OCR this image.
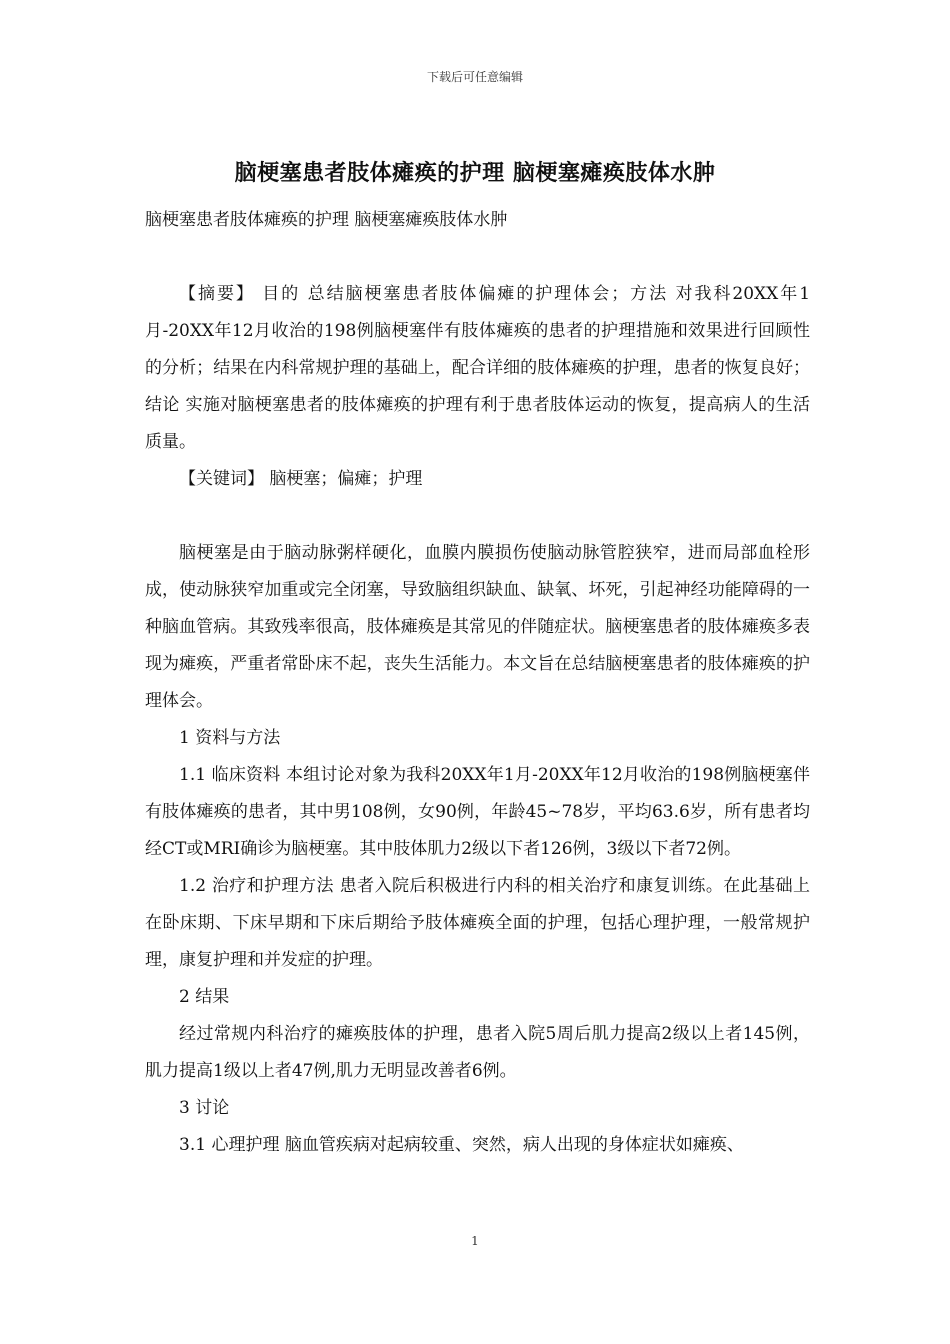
下载后可任意编辑
脑梗塞患者肢体瘫痪的护理 脑梗塞瘫痪肢体水肿

脑梗塞患者肢体瘫痪的护理 脑梗塞瘫痪肢体水肿

【摘要】 目的 总结脑梗塞患者肢体偏瘫的护理体会；方法 对我科20XX年1月-20XX年12月收治的198例脑梗塞伴有肢体瘫痪的患者的护理措施和效果进行回顾性的分析；结果在内科常规护理的基础上，配合详细的肢体瘫痪的护理，患者的恢复良好；结论 实施对脑梗塞患者的肢体瘫痪的护理有利于患者肢体运动的恢复，提高病人的生活质量。

【关键词】 脑梗塞；偏瘫；护理

脑梗塞是由于脑动脉粥样硬化，血膜内膜损伤使脑动脉管腔狭窄，进而局部血栓形成，使动脉狭窄加重或完全闭塞，导致脑组织缺血、缺氧、坏死，引起神经功能障碍的一种脑血管病。其致残率很高，肢体瘫痪是其常见的伴随症状。脑梗塞患者的肢体瘫痪多表现为瘫痪，严重者常卧床不起，丧失生活能力。本文旨在总结脑梗塞患者的肢体瘫痪的护理体会。

1 资料与方法

1.1 临床资料 本组讨论对象为我科20XX年1月-20XX年12月收治的198例脑梗塞伴有肢体瘫痪的患者，其中男108例，女90例，年龄45~78岁，平均63.6岁，所有患者均经CT或MRI确诊为脑梗塞。其中肢体肌力2级以下者126例，3级以下者72例。

1.2 治疗和护理方法 患者入院后积极进行内科的相关治疗和康复训练。在此基础上在卧床期、下床早期和下床后期给予肢体瘫痪全面的护理，包括心理护理，一般常规护理，康复护理和并发症的护理。

2 结果

经过常规内科治疗的瘫痪肢体的护理，患者入院5周后肌力提高2级以上者145例，肌力提高1级以上者47例,肌力无明显改善者6例。

3 讨论

3.1 心理护理 脑血管疾病对起病较重、突然，病人出现的身体症状如瘫痪、

1
